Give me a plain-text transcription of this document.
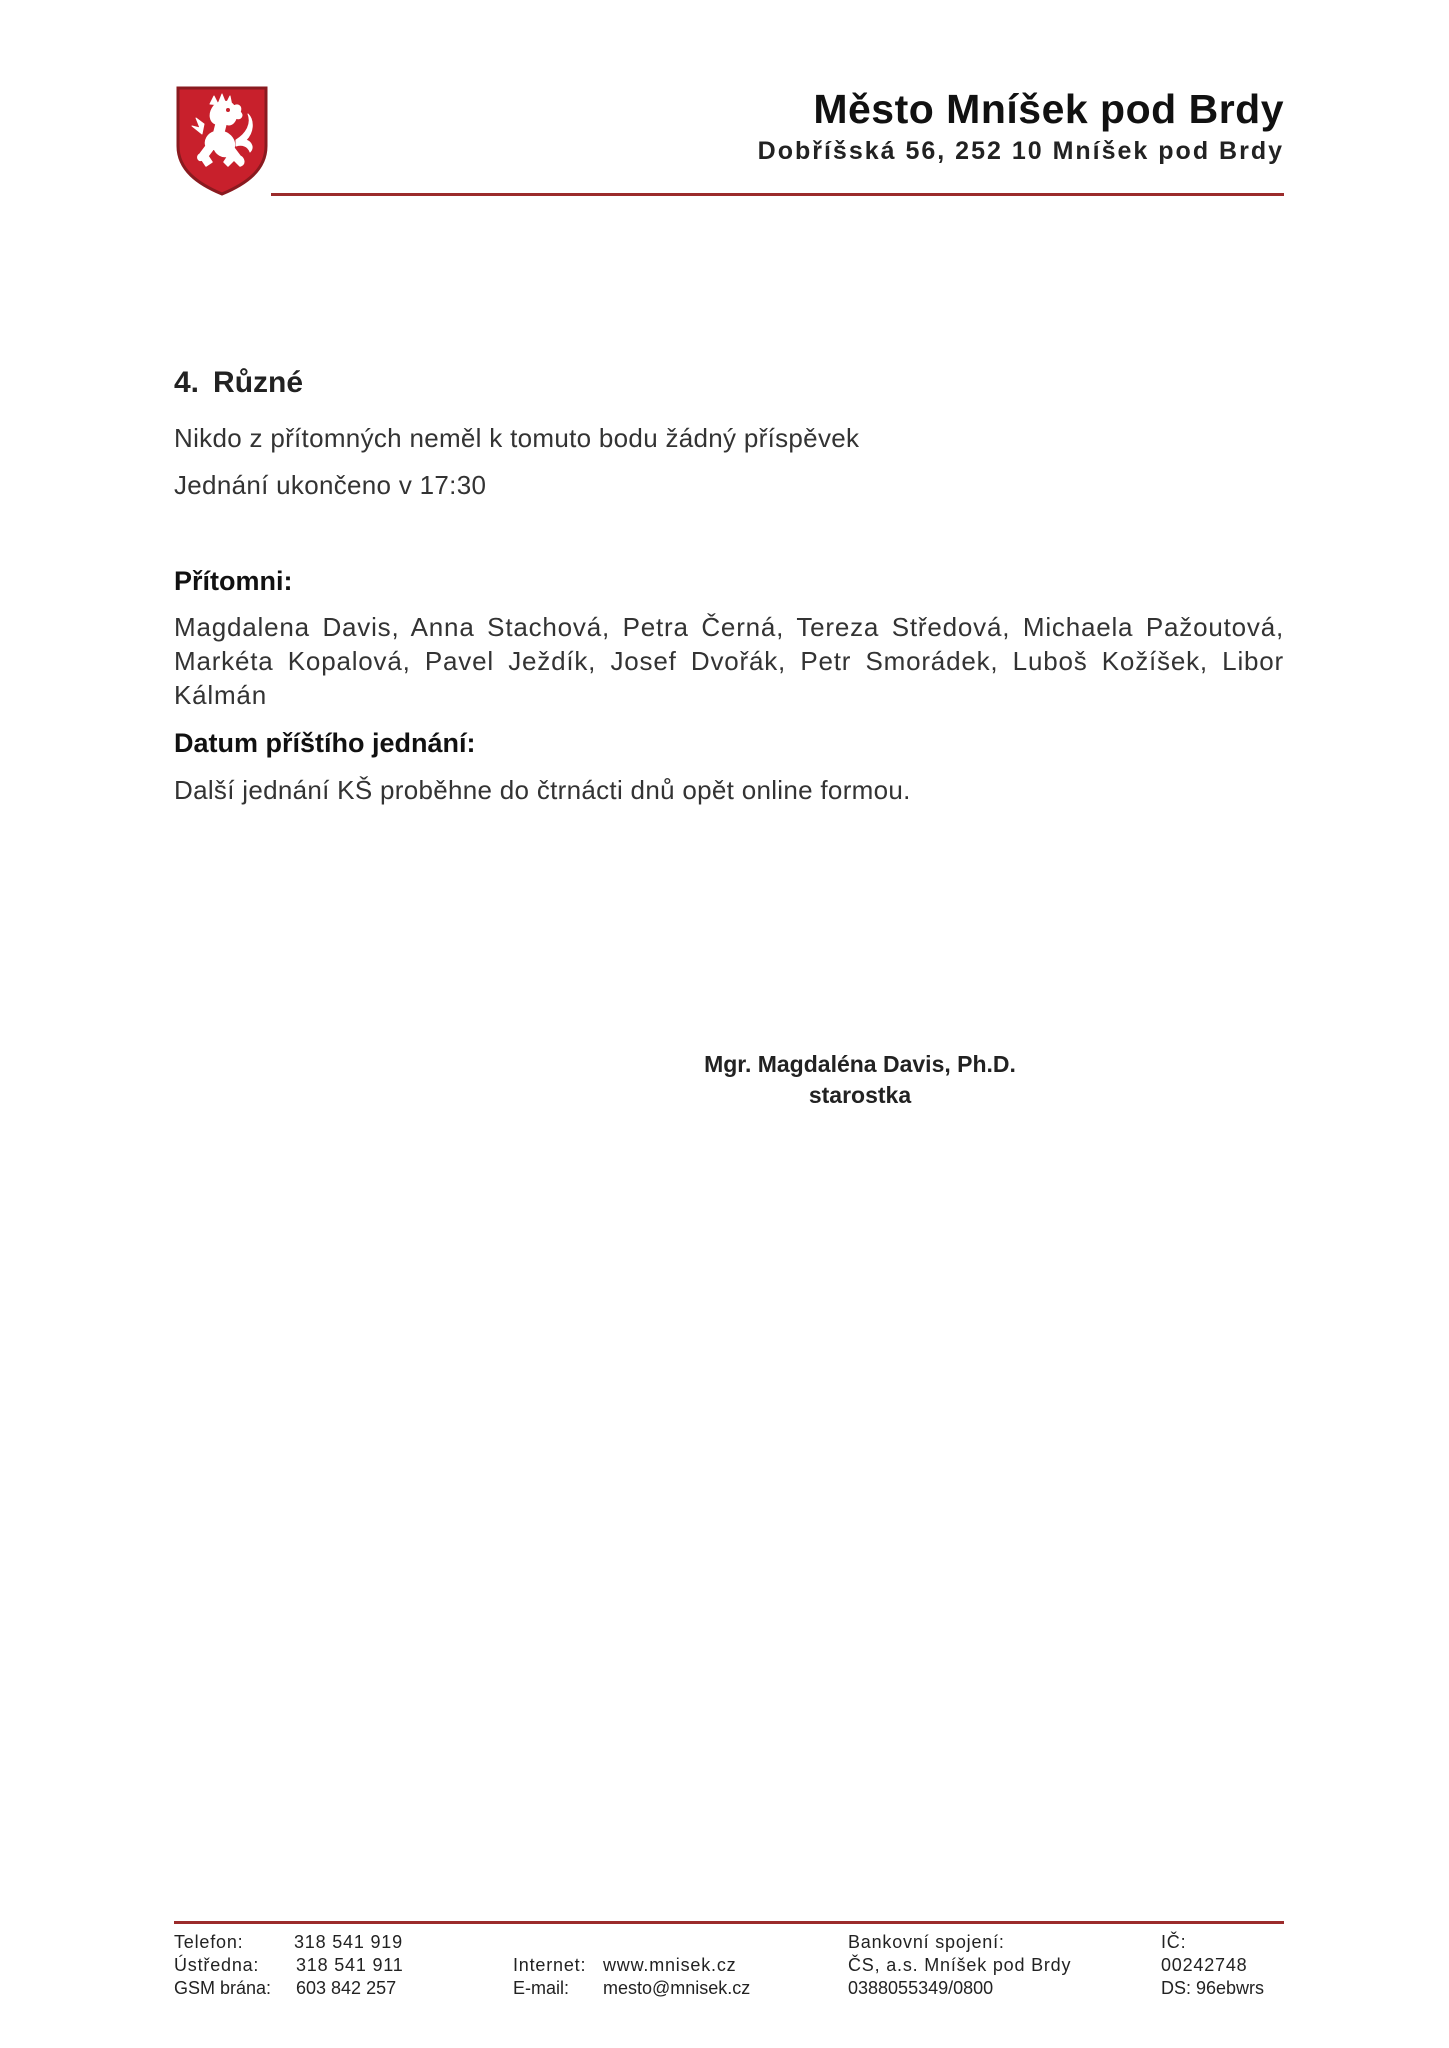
Město Mníšek pod Brdy
Dobříšská 56, 252 10 Mníšek pod Brdy
4. Různé
Nikdo z přítomných neměl k tomuto bodu žádný příspěvek
Jednání ukončeno v 17:30
Přítomni:
Magdalena Davis, Anna Stachová, Petra Černá, Tereza Středová, Michaela Pažoutová, Markéta Kopalová, Pavel Ježdík, Josef Dvořák, Petr Smorádek, Luboš Kožíšek, Libor Kálmán
Datum příštího jednání:
Další jednání KŠ proběhne do čtrnácti dnů opět online formou.
Mgr. Magdaléna Davis, Ph.D.
starostka
Telefon:	318 541 919
Ústředna: 318 541 911
GSM brána: 603 842 257
Internet: www.mnisek.cz
E-mail: mesto@mnisek.cz
Bankovní spojení:
ČS, a.s. Mníšek pod Brdy
0388055349/0800
IČ:
00242748
DS: 96ebwrs
